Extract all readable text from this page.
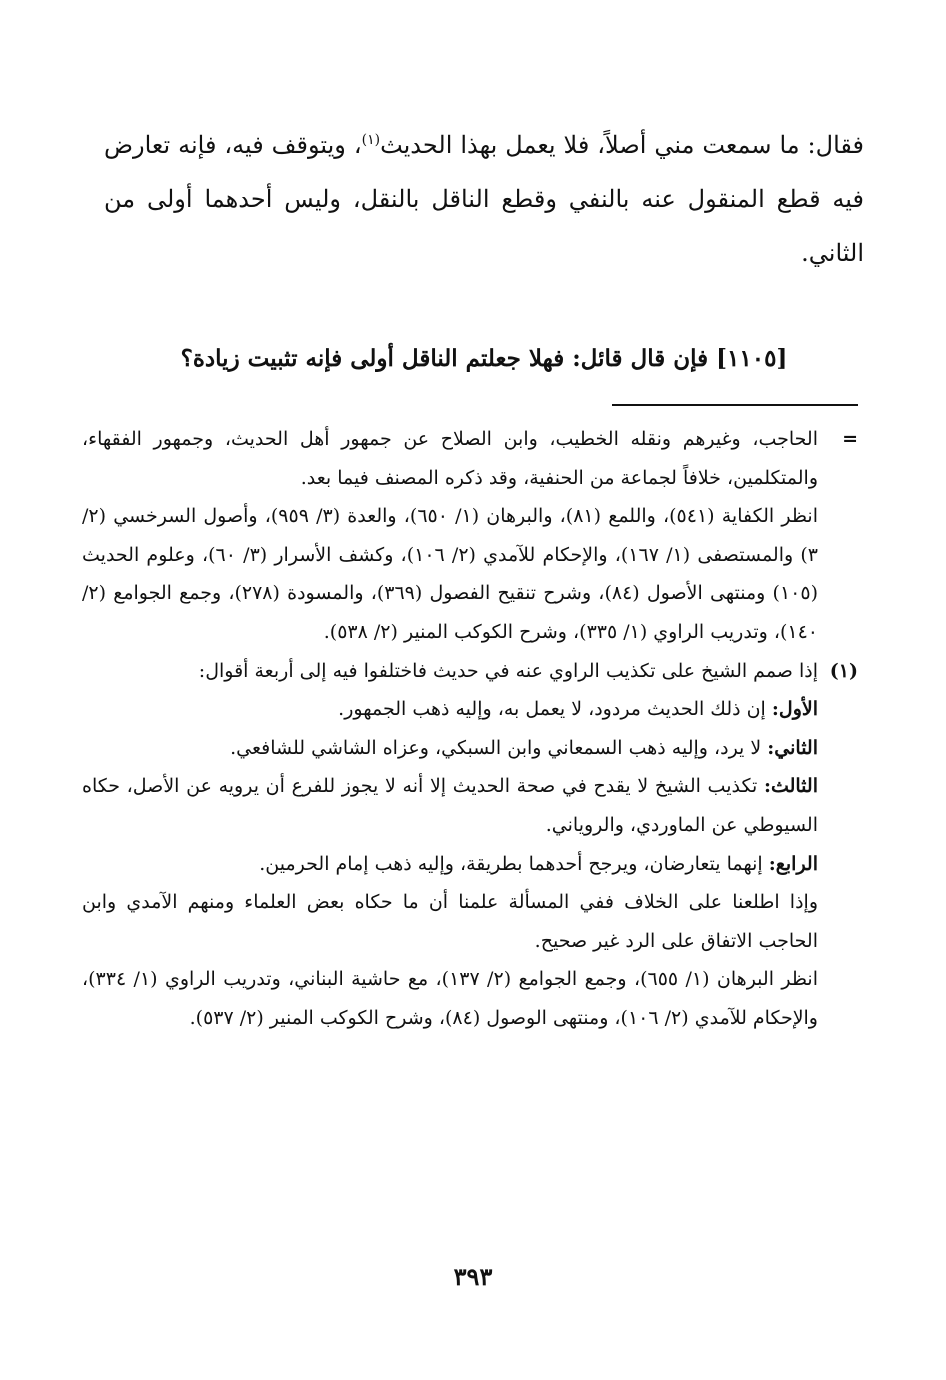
فقال: ما سمعت مني أصلاً، فلا يعمل بهذا الحديث$^{(١)}$، ويتوقف فيه، فإنه تعارض فيه قطع المنقول عنه بالنفي وقطع الناقل بالنقل، وليس أحدهما أولى من الثاني.

[١١٠٥] فإن قال قائل: فهلا جعلتم الناقل أولى فإنه تثبيت زيادة؟
=

الحاجب، وغيرهم ونقله الخطيب، وابن الصلاح عن جمهور أهل الحديث، وجمهور الفقهاء، والمتكلمين، خلافاً لجماعة من الحنفية، وقد ذكره المصنف فيما بعد.

انظر الكفاية (٥٤١)، واللمع (٨١)، والبرهان (١/ ٦٥٠)، والعدة (٣/ ٩٥٩)، وأصول السرخسي (٢/ ٣) والمستصفى (١/ ١٦٧)، والإحكام للآمدي (٢/ ١٠٦)، وكشف الأسرار (٣/ ٦٠)، وعلوم الحديث (١٠٥) ومنتهى الأصول (٨٤)، وشرح تنقيح الفصول (٣٦٩)، والمسودة (٢٧٨)، وجمع الجوامع (٢/ ١٤٠)، وتدريب الراوي (١/ ٣٣٥)، وشرح الكوكب المنير (٢/ ٥٣٨).

(١)

إذا صمم الشيخ على تكذيب الراوي عنه في حديث فاختلفوا فيه إلى أربعة أقوال:

الأول: إن ذلك الحديث مردود، لا يعمل به، وإليه ذهب الجمهور.

الثاني: لا يرد، وإليه ذهب السمعاني وابن السبكي، وعزاه الشاشي للشافعي.

الثالث: تكذيب الشيخ لا يقدح في صحة الحديث إلا أنه لا يجوز للفرع أن يرويه عن الأصل، حكاه السيوطي عن الماوردي، والروياني.

الرابع: إنهما يتعارضان، ويرجح أحدهما بطريقة، وإليه ذهب إمام الحرمين.

وإذا اطلعنا على الخلاف ففي المسألة علمنا أن ما حكاه بعض العلماء ومنهم الآمدي وابن الحاجب الاتفاق على الرد غير صحيح.

انظر البرهان (١/ ٦٥٥)، وجمع الجوامع (٢/ ١٣٧)، مع حاشية البناني، وتدريب الراوي (١/ ٣٣٤)، والإحكام للآمدي (٢/ ١٠٦)، ومنتهى الوصول (٨٤)، وشرح الكوكب المنير (٢/ ٥٣٧).

٣٩٣
